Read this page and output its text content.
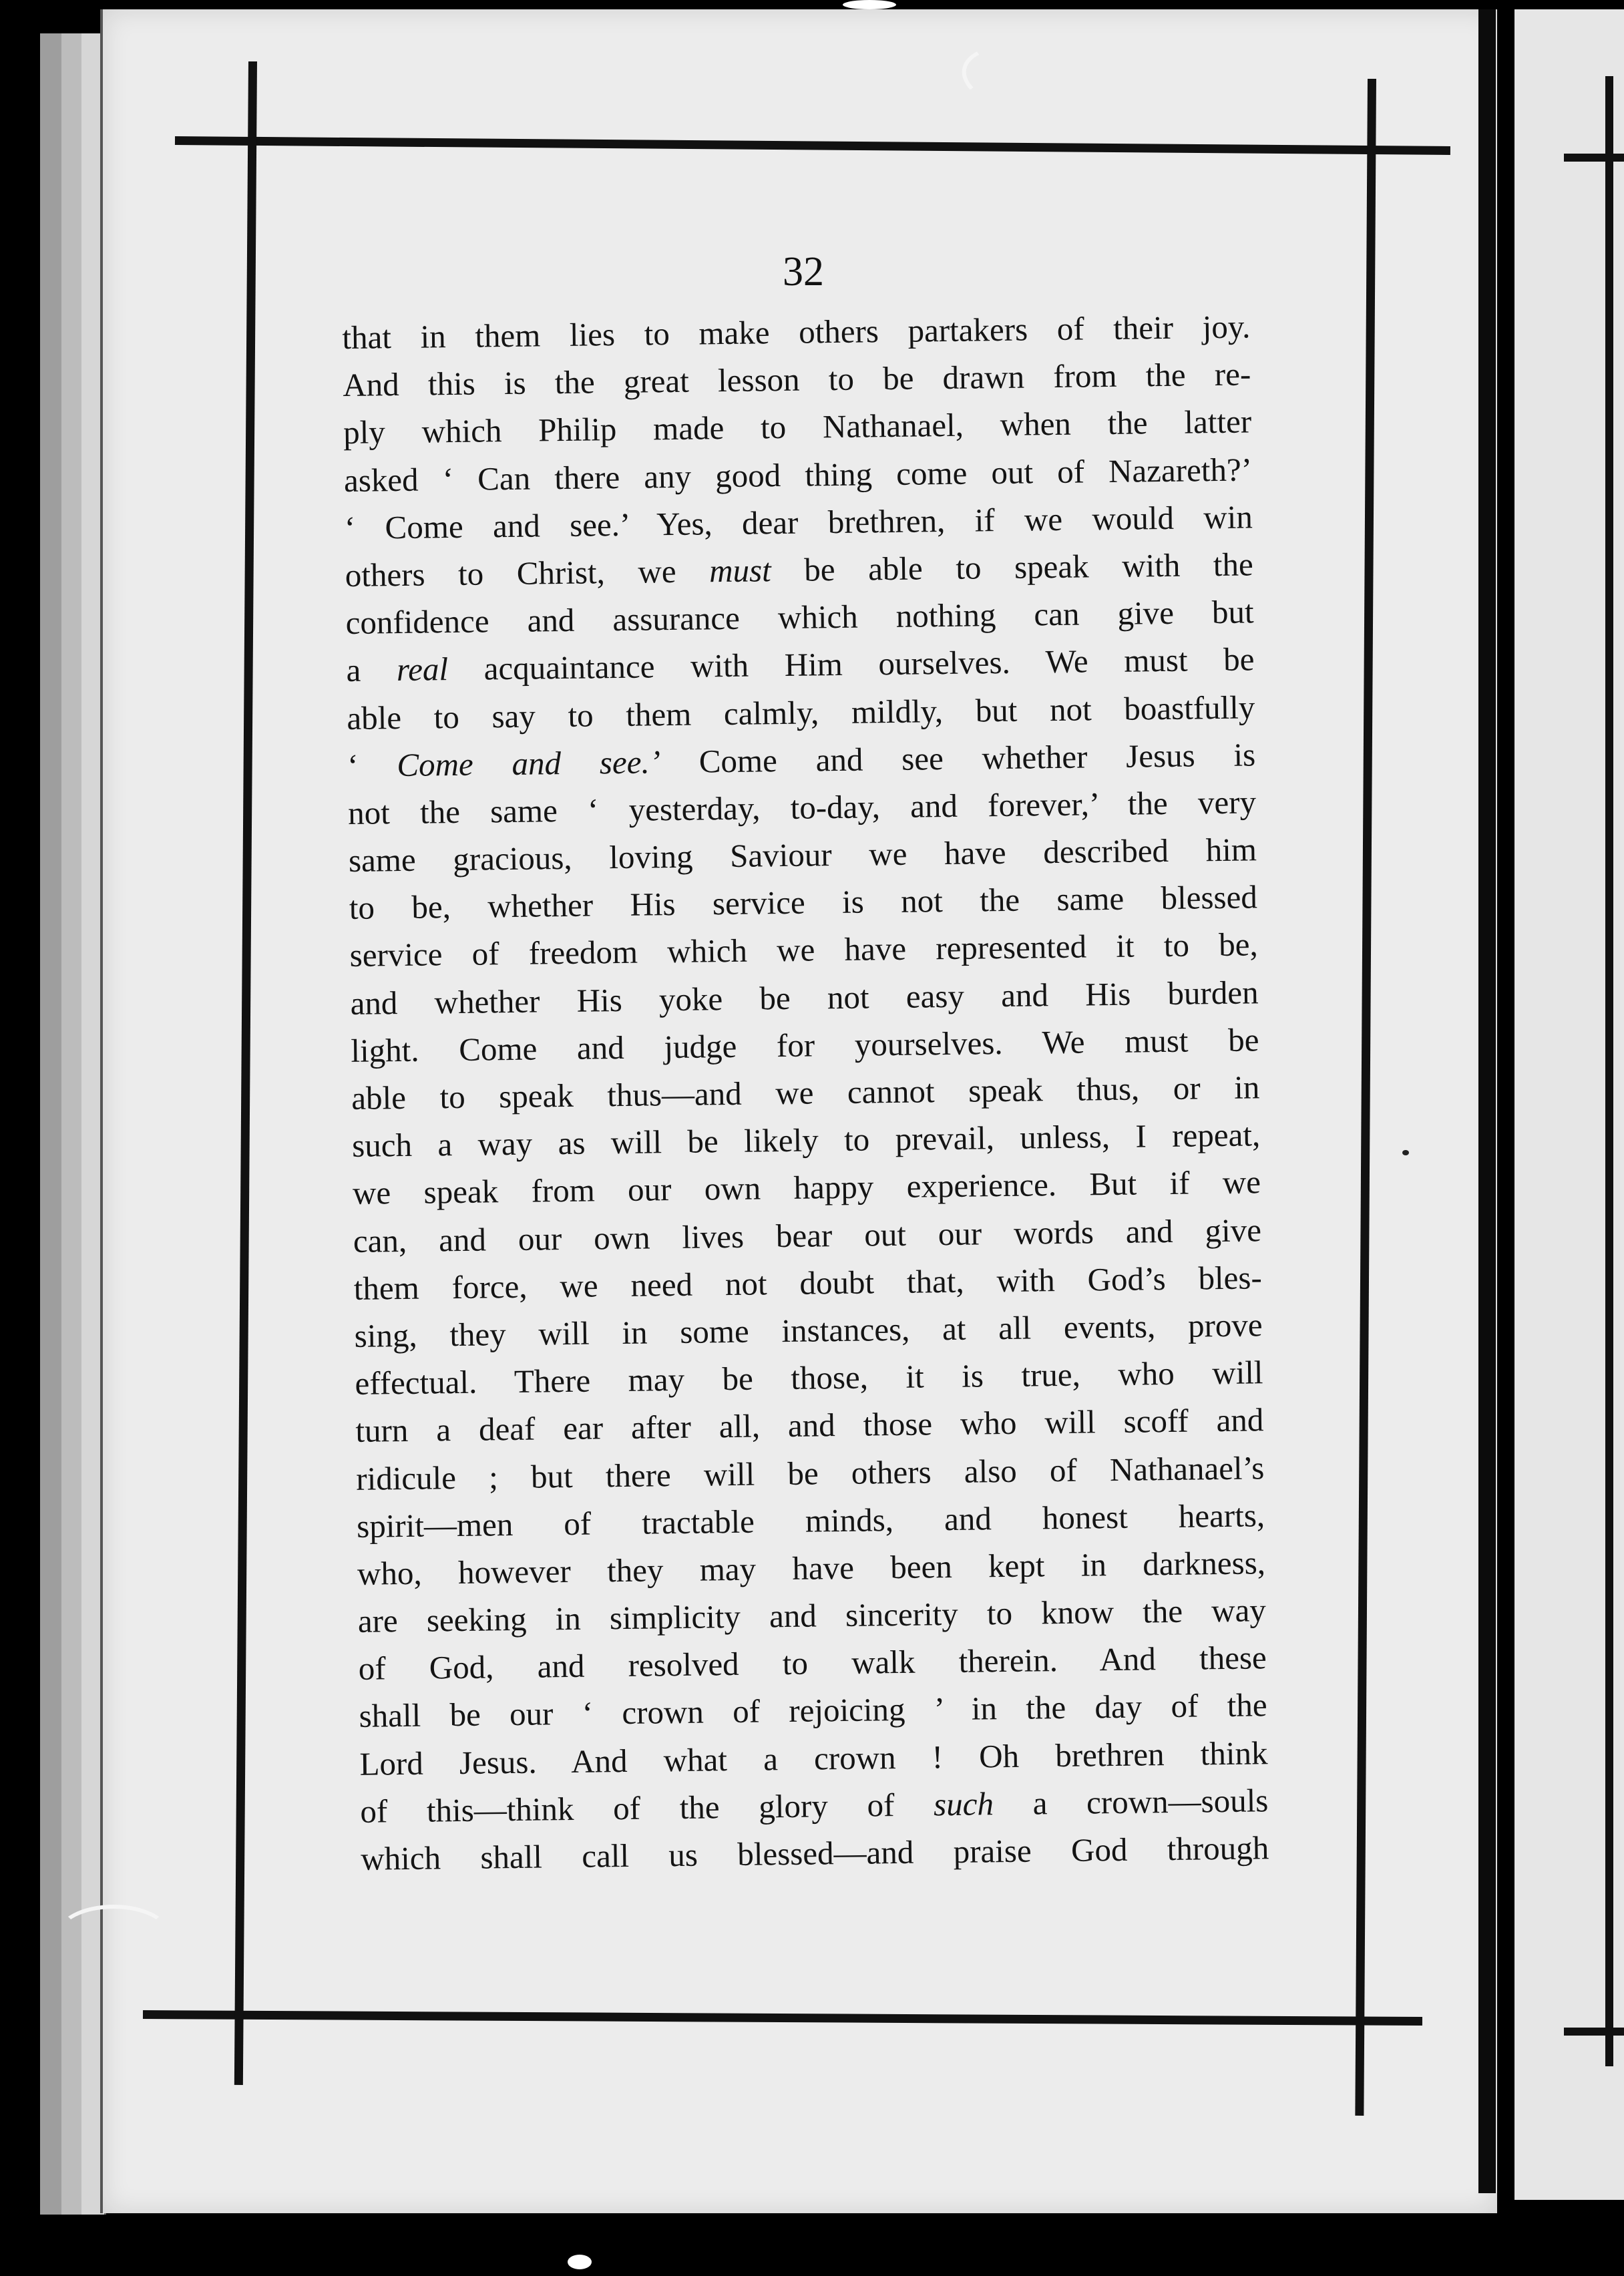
32
that in them lies to make others partakers of their joy.
And this is the great lesson to be drawn from the re-
ply which Philip made to Nathanael, when the latter
asked ‘ Can there any good thing come out of Nazareth?’
‘ Come and see.’ Yes, dear brethren, if we would win
others to Christ, we must be able to speak with the
confidence and assurance which nothing can give but
a real acquaintance with Him ourselves. We must be
able to say to them calmly, mildly, but not boastfully
‘ Come and see.’ Come and see whether Jesus is
not the same ‘ yesterday, to-day, and forever,’ the very
same gracious, loving Saviour we have described him
to be, whether His service is not the same blessed
service of freedom which we have represented it to be,
and whether His yoke be not easy and His burden
light. Come and judge for yourselves. We must be
able to speak thus—and we cannot speak thus, or in
such a way as will be likely to prevail, unless, I repeat,
we speak from our own happy experience. But if we
can, and our own lives bear out our words and give
them force, we need not doubt that, with God’s bles-
sing, they will in some instances, at all events, prove
effectual. There may be those, it is true, who will
turn a deaf ear after all, and those who will scoff and
ridicule ; but there will be others also of Nathanael’s
spirit—men of tractable minds, and honest hearts,
who, however they may have been kept in darkness,
are seeking in simplicity and sincerity to know the way
of God, and resolved to walk therein. And these
shall be our ‘ crown of rejoicing ’ in the day of the
Lord Jesus. And what a crown ! Oh brethren think
of this—think of the glory of such a crown—souls
which shall call us blessed—and praise God through
